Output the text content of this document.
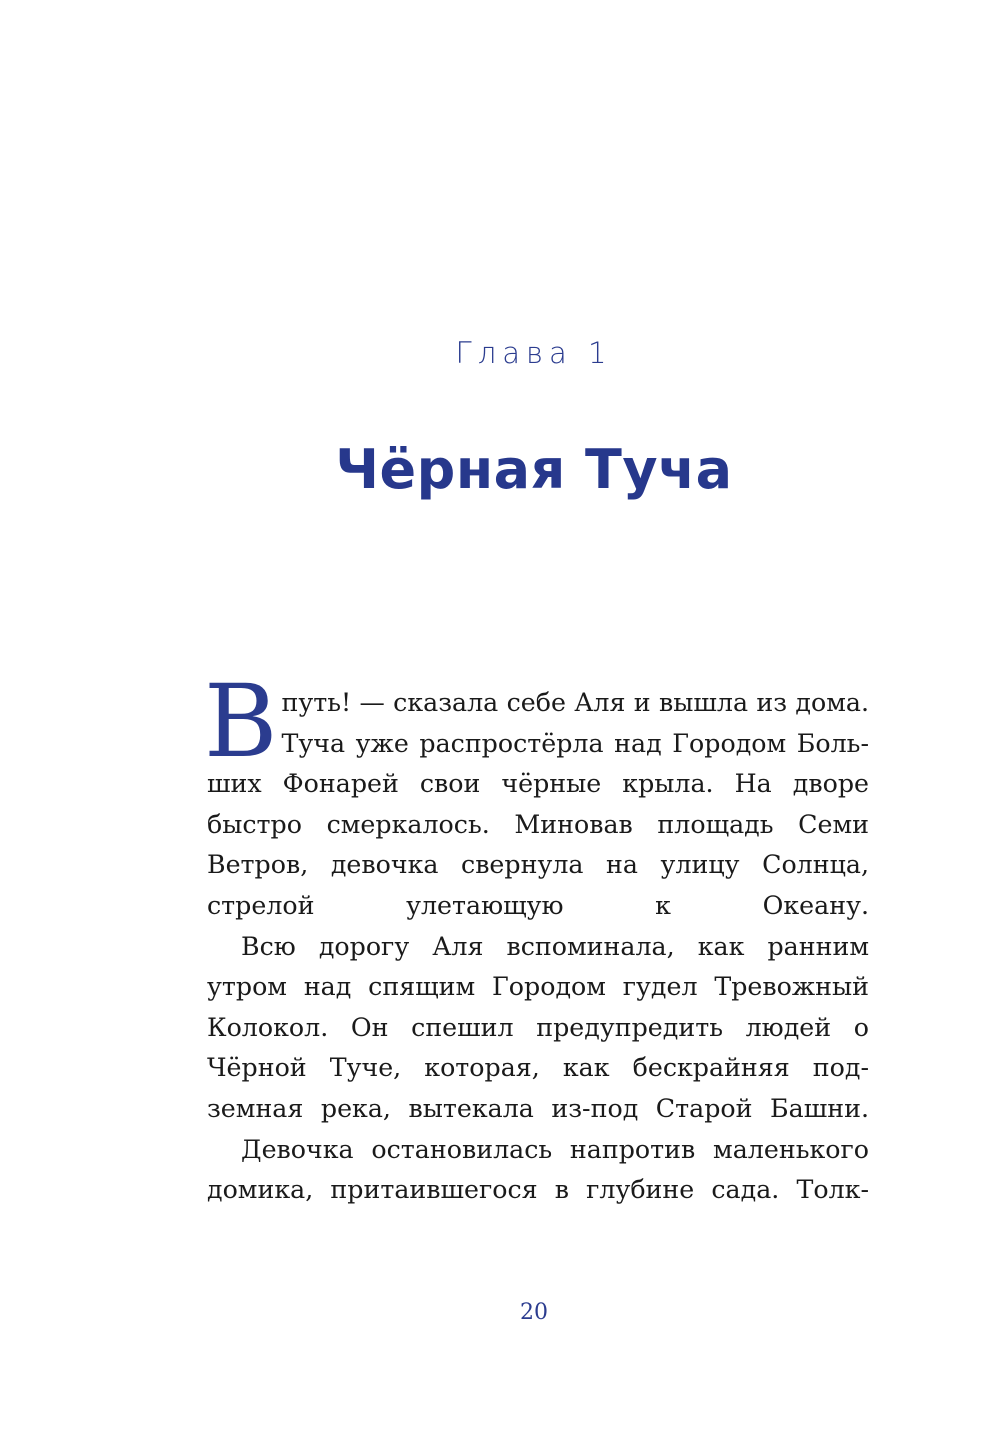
Глава 1
Чёрная Туча

Впуть! — сказала себе Аля и вышла из дома. Туча уже распростёрла над Городом Больших Фонарей свои чёрные крыла. На дворе быстро смеркалось. Миновав площадь Семи Ветров, девочка свернула на улицу Солнца, стрелой улетающую к Океану.

Всю дорогу Аля вспоминала, как ранним утром над спящим Городом гудел Тревожный Колокол. Он спешил предупредить людей о Чёрной Туче, которая, как бескрайняя подземная река, вытекала из-под Старой Башни.

Девочка остановилась напротив маленького домика, притаившегося в глубине сада. Толк-

20
